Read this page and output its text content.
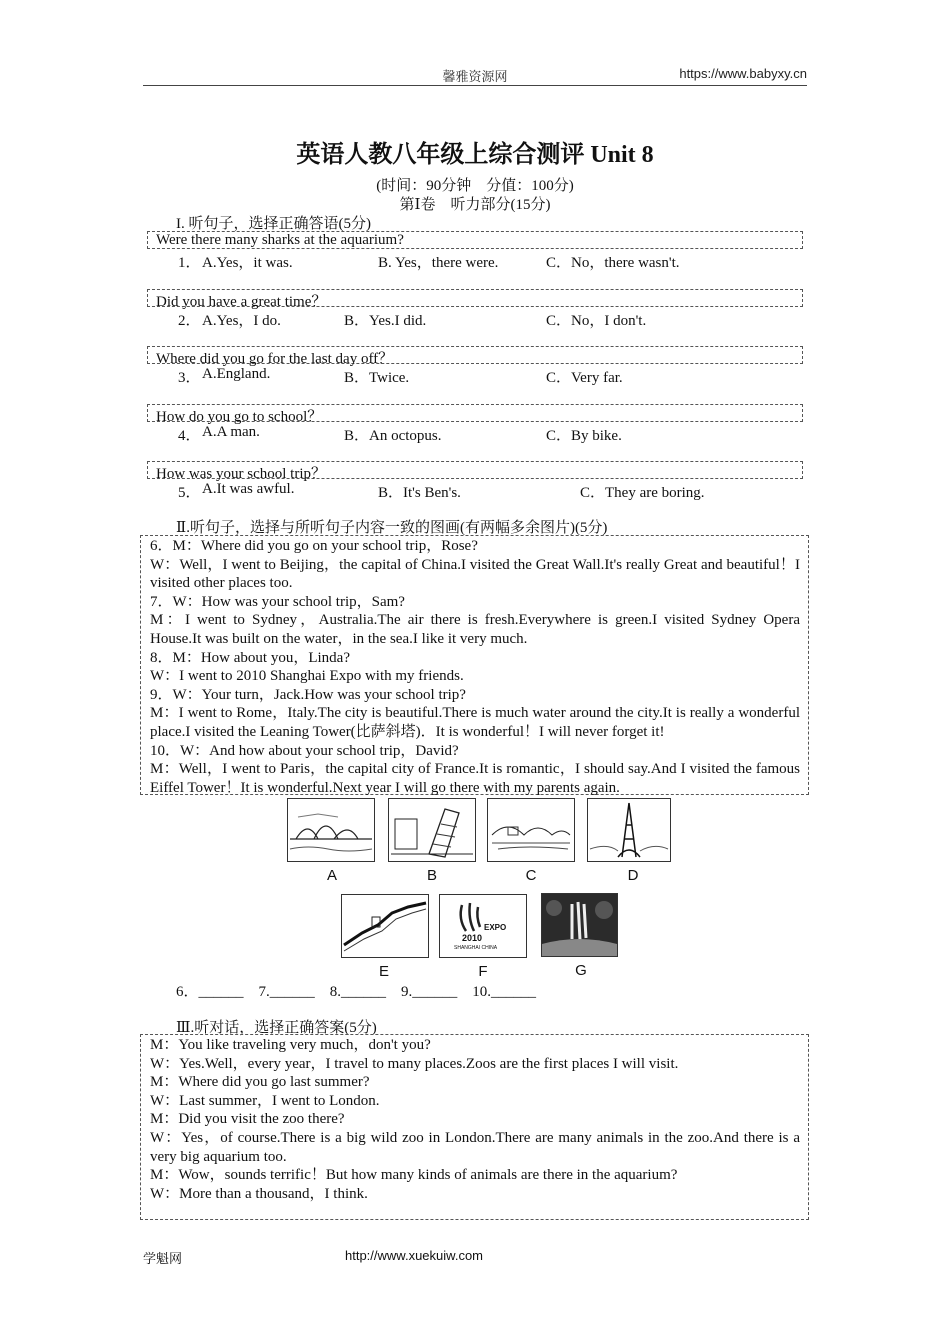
馨雅资源网	https://www.babyxy.cn
英语人教八年级上综合测评 Unit 8
(时间：90分钟　分值：100分)
第Ⅰ卷　听力部分(15分)
I. 听句子，选择正确答语(5分)
Were there many sharks at the aquarium?
1． A.Yes，it was.	B. Yes，there were.	C．No，there wasn't.
Did you have a great time？
2． A.Yes，I do.	B．Yes.I did.	C．No，I don't.
Where did you go for the last day off？
3． A.England.	B．Twice.	C．Very far.
How do you go to school？
4． A.A man.	B．An octopus.	C．By bike.
How was your school trip？
5． A.It was awful.	B．It's Ben's.	C．They are boring.
Ⅱ.听句子，选择与所听句子内容一致的图画(有两幅多余图片)(5分)
6．M：Where did you go on your school trip，Rose?
W：Well，I went to Beijing，the capital of China.I visited the Great Wall.It's really Great and beautiful！I visited other places too.
7．W：How was your school trip，Sam?
M：I went to Sydney，Australia.The air there is fresh.Everywhere is green.I visited Sydney Opera House.It was built on the water，in the sea.I like it very much.
8．M：How about you，Linda?
W：I went to 2010 Shanghai Expo with my friends.
9．W：Your turn，Jack.How was your school trip?
M：I went to Rome，Italy.The city is beautiful.There is much water around the city.It is really a wonderful place.I visited the Leaning Tower(比萨斜塔)．It is wonderful！I will never forget it!
10．W：And how about your school trip，David?
M：Well，I went to Paris，the capital city of France.It is romantic，I should say.And I visited the famous Eiffel Tower！It is wonderful.Next year I will go there with my parents again.
A	B	C	D
EXPO
2010
SHANGHAI CHINA
E	F	G
6．______　7.______　8.______　9.______　10.______
Ⅲ.听对话，选择正确答案(5分)
M：You like traveling very much，don't you?
W：Yes.Well，every year，I travel to many places.Zoos are the first places I will visit.
M：Where did you go last summer?
W：Last summer，I went to London.
M：Did you visit the zoo there?
W：Yes，of course.There is a big wild zoo in London.There are many animals in the zoo.And there is a very big aquarium too.
M：Wow，sounds terrific！But how many kinds of animals are there in the aquarium?
W：More than a thousand，I think.
学魁网	http://www.xuekuiw.com
